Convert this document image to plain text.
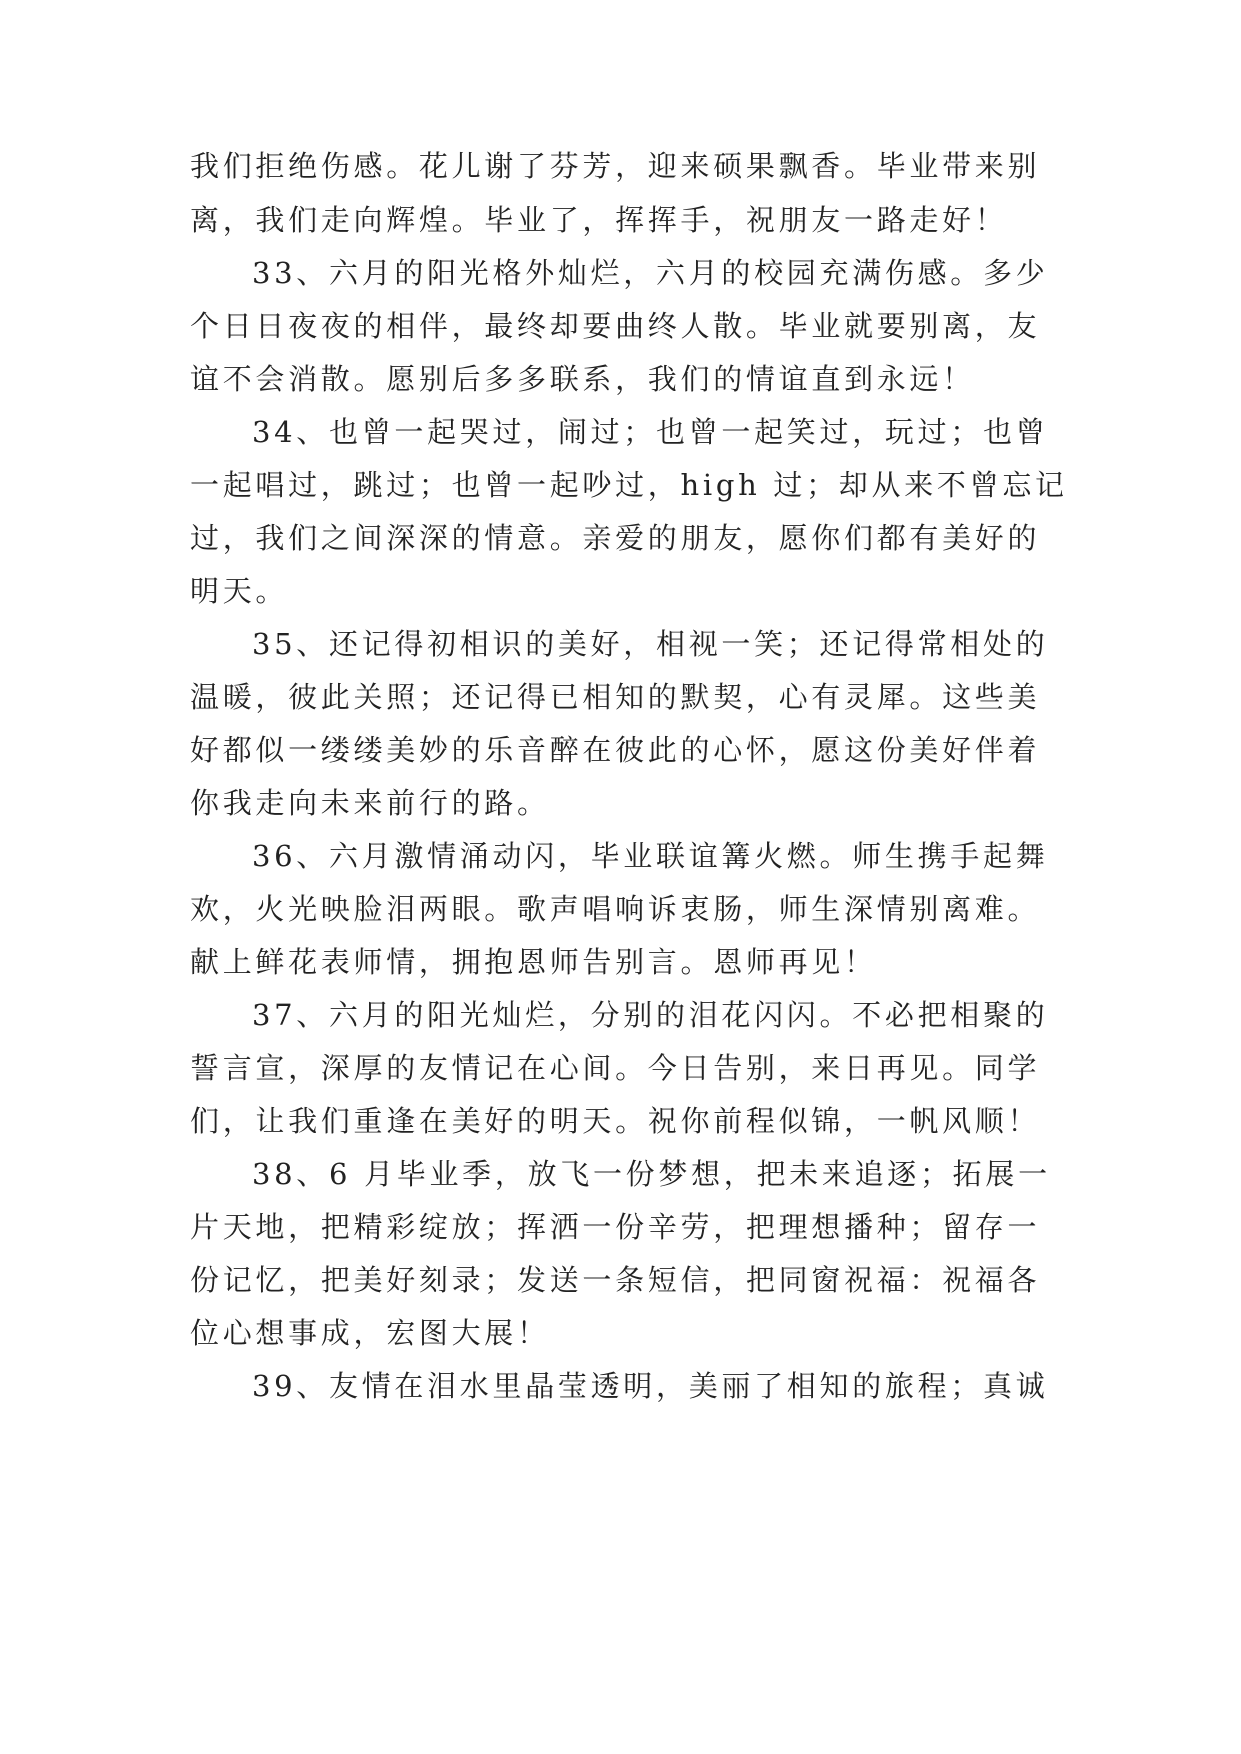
我们拒绝伤感。花儿谢了芬芳，迎来硕果飘香。毕业带来别
离，我们走向辉煌。毕业了，挥挥手，祝朋友一路走好！
33、六月的阳光格外灿烂，六月的校园充满伤感。多少
个日日夜夜的相伴，最终却要曲终人散。毕业就要别离，友
谊不会消散。愿别后多多联系，我们的情谊直到永远！
34、也曾一起哭过，闹过；也曾一起笑过，玩过；也曾
一起唱过，跳过；也曾一起吵过，high 过；却从来不曾忘记
过，我们之间深深的情意。亲爱的朋友，愿你们都有美好的
明天。
35、还记得初相识的美好，相视一笑；还记得常相处的
温暖，彼此关照；还记得已相知的默契，心有灵犀。这些美
好都似一缕缕美妙的乐音醉在彼此的心怀，愿这份美好伴着
你我走向未来前行的路。
36、六月激情涌动闪，毕业联谊篝火燃。师生携手起舞
欢，火光映脸泪两眼。歌声唱响诉衷肠，师生深情别离难。
献上鲜花表师情，拥抱恩师告别言。恩师再见！
37、六月的阳光灿烂，分别的泪花闪闪。不必把相聚的
誓言宣，深厚的友情记在心间。今日告别，来日再见。同学
们，让我们重逢在美好的明天。祝你前程似锦，一帆风顺！
38、6 月毕业季，放飞一份梦想，把未来追逐；拓展一
片天地，把精彩绽放；挥洒一份辛劳，把理想播种；留存一
份记忆，把美好刻录；发送一条短信，把同窗祝福：祝福各
位心想事成，宏图大展！
39、友情在泪水里晶莹透明，美丽了相知的旅程；真诚
